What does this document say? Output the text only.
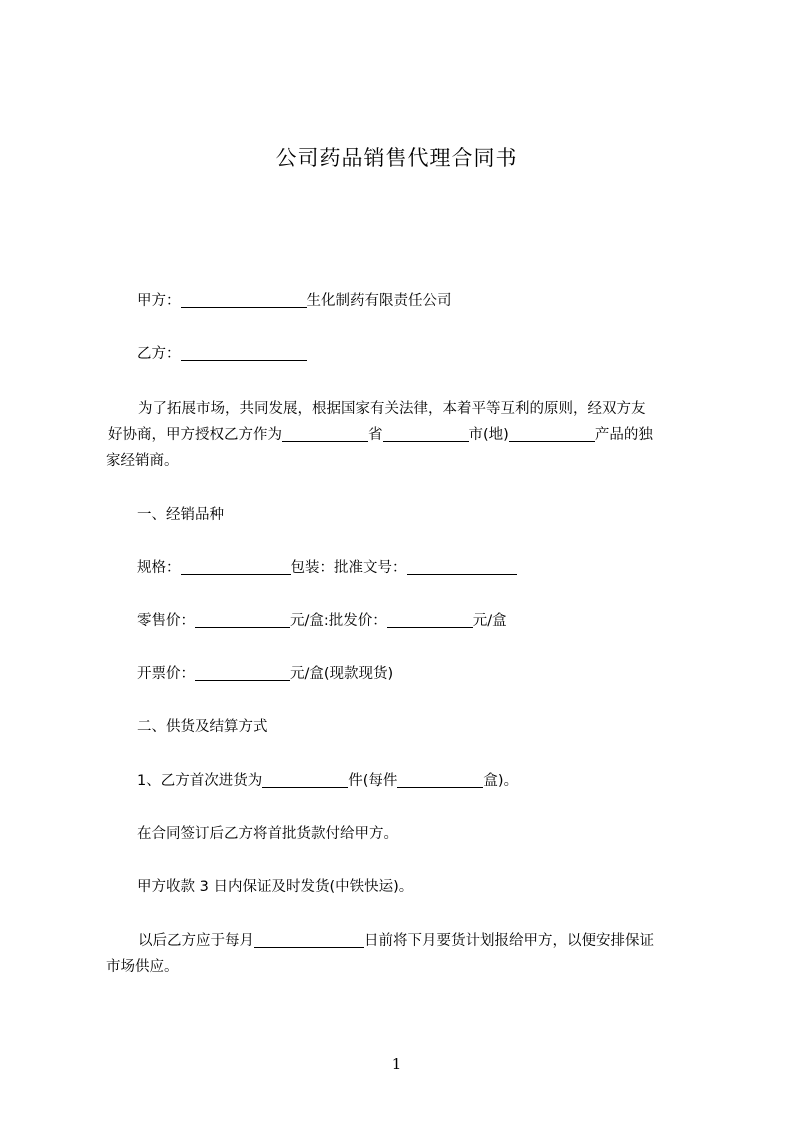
公司药品销售代理合同书
甲方：	生化制药有限责任公司
乙方：
为了拓展市场，共同发展，根据国家有关法律，本着平等互利的原则，经双方友
好协商，甲方授权乙方作为	省	市(地)	产品的独
家经销商。
一、经销品种
规格：	包装：批准文号：
零售价：	元/盒:批发价：	元/盒
开票价：	元/盒(现款现货)
二、供货及结算方式
1、乙方首次进货为	件(每件	盒)。
在合同签订后乙方将首批货款付给甲方。
甲方收款 3 日内保证及时发货(中铁快运)。
以后乙方应于每月	日前将下月要货计划报给甲方，以便安排保证
市场供应。
1
